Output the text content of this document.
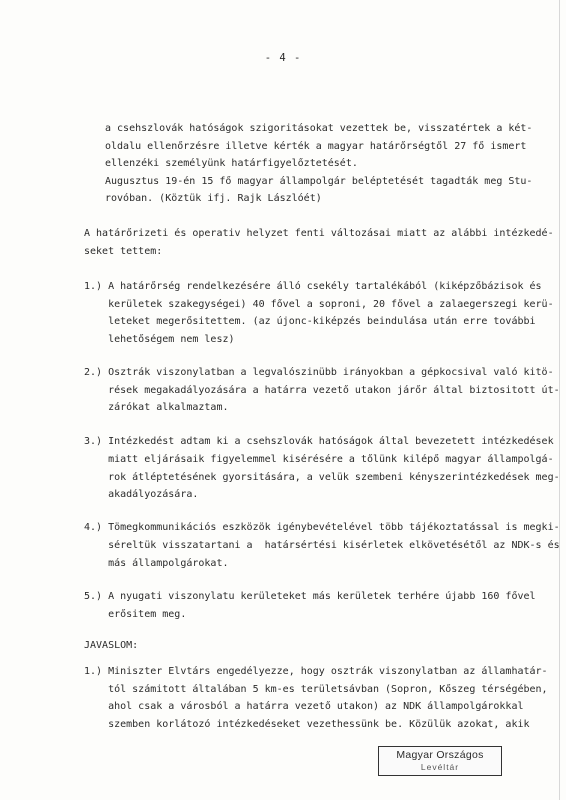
- 4 -
a csehszlovák hatóságok szigoritásokat vezettek be, visszatértek a két-
oldalu ellenőrzésre illetve kérték a magyar határőrségtől 27 fő ismert
ellenzéki személyünk határfigyelőztetését.
Augusztus 19-én 15 fő magyar állampolgár beléptetését tagadták meg Stu-
rovóban. (Köztük ifj. Rajk Lászlóét)
A határőrizeti és operativ helyzet fenti változásai miatt az alábbi intézkedé-
seket tettem:
1.) A határőrség rendelkezésére álló csekély tartalékából (kiképzőbázisok és
kerületek szakegységei) 40 fővel a soproni, 20 fővel a zalaegerszegi kerü-
leteket megerősitettem. (az újonc-kiképzés beindulása után erre további
lehetőségem nem lesz)
2.) Osztrák viszonylatban a legvalószinübb irányokban a gépkocsival való kitö-
rések megakadályozására a határra vezető utakon járőr által biztositott út-
zárókat alkalmaztam.
3.) Intézkedést adtam ki a csehszlovák hatóságok által bevezetett intézkedések
miatt eljárásaik figyelemmel kisérésére a tőlünk kilépő magyar állampolgá-
rok átléptetésének gyorsitására, a velük szembeni kényszerintézkedések meg-
akadályozására.
4.) Tömegkommunikációs eszközök igénybevételével több tájékoztatással is megki-
séreltük visszatartani a  határsértési kisérletek elkövetésétől az NDK-s és
más állampolgárokat.
5.) A nyugati viszonylatu kerületeket más kerületek terhére újabb 160 fővel
erősitem meg.
JAVASLOM:
1.) Miniszter Elvtárs engedélyezze, hogy osztrák viszonylatban az államhatár-
tól számitott általában 5 km-es területsávban (Sopron, Kőszeg térségében,
ahol csak a városból a határra vezető utakon) az NDK állampolgárokkal
szemben korlátozó intézkedéseket vezethessünk be. Közülük azokat, akik
Magyar Országos
Levéltár
